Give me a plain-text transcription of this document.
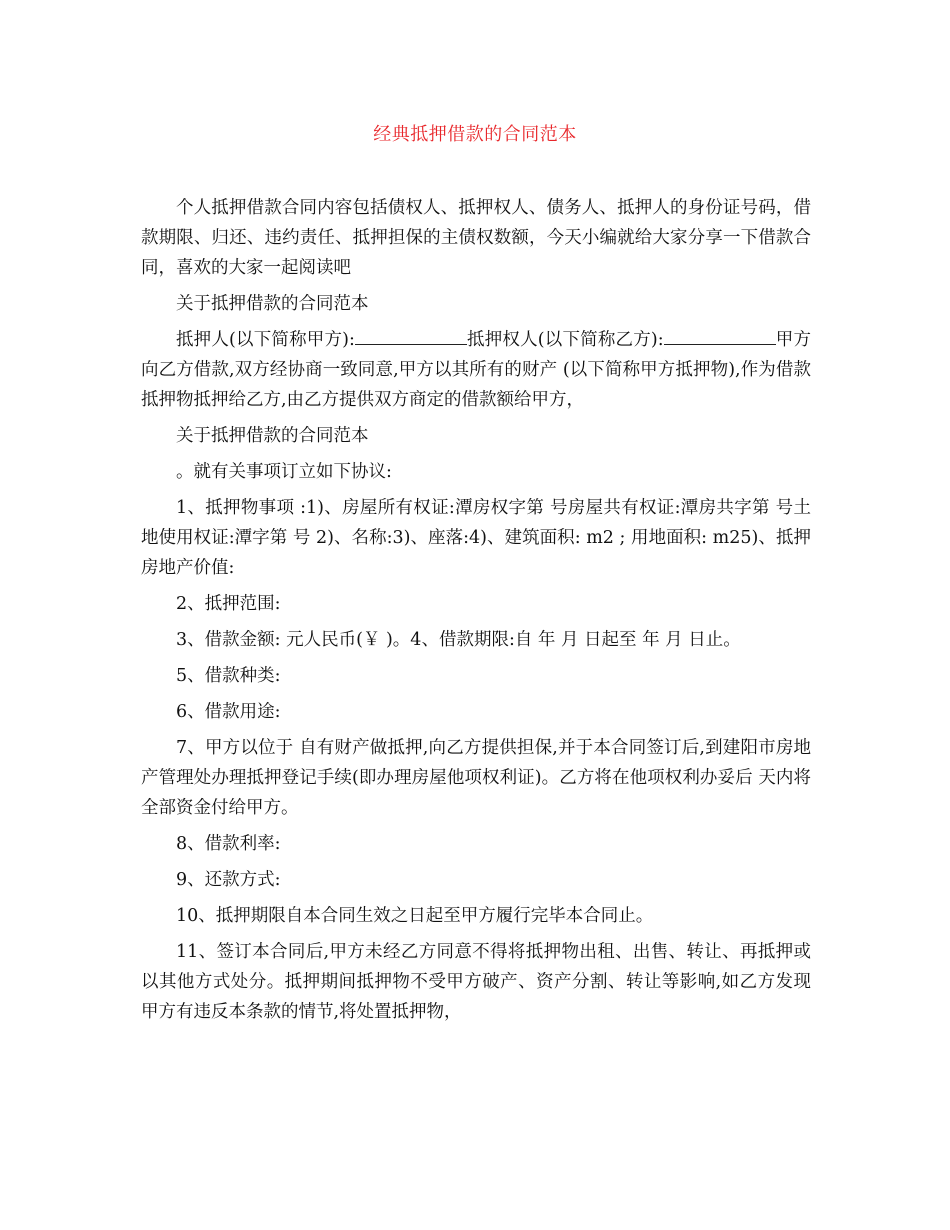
经典抵押借款的合同范本

个人抵押借款合同内容包括债权人、抵押权人、债务人、抵押人的身份证号码，借款期限、归还、违约责任、抵押担保的主债权数额，今天小编就给大家分享一下借款合同，喜欢的大家一起阅读吧

关于抵押借款的合同范本

抵押人(以下简称甲方):	抵押权人(以下简称乙方):	甲方向乙方借款,双方经协商一致同意,甲方以其所有的财产 (以下简称甲方抵押物),作为借款抵押物抵押给乙方,由乙方提供双方商定的借款额给甲方，

关于抵押借款的合同范本

。就有关事项订立如下协议:

1、抵押物事项 :1)、房屋所有权证:潭房权字第 号房屋共有权证:潭房共字第 号土地使用权证:潭字第 号 2)、名称:3)、座落:4)、建筑面积: m2 ; 用地面积: m25)、抵押房地产价值:

2、抵押范围:

3、借款金额: 元人民币(￥ )。4、借款期限:自 年 月 日起至 年 月 日止。

5、借款种类:

6、借款用途:

7、甲方以位于 自有财产做抵押,向乙方提供担保,并于本合同签订后,到建阳市房地产管理处办理抵押登记手续(即办理房屋他项权利证)。乙方将在他项权利办妥后 天内将全部资金付给甲方。

8、借款利率:

9、还款方式:

10、抵押期限自本合同生效之日起至甲方履行完毕本合同止。

11、签订本合同后,甲方未经乙方同意不得将抵押物出租、出售、转让、再抵押或以其他方式处分。抵押期间抵押物不受甲方破产、资产分割、转让等影响,如乙方发现甲方有违反本条款的情节,将处置抵押物，
